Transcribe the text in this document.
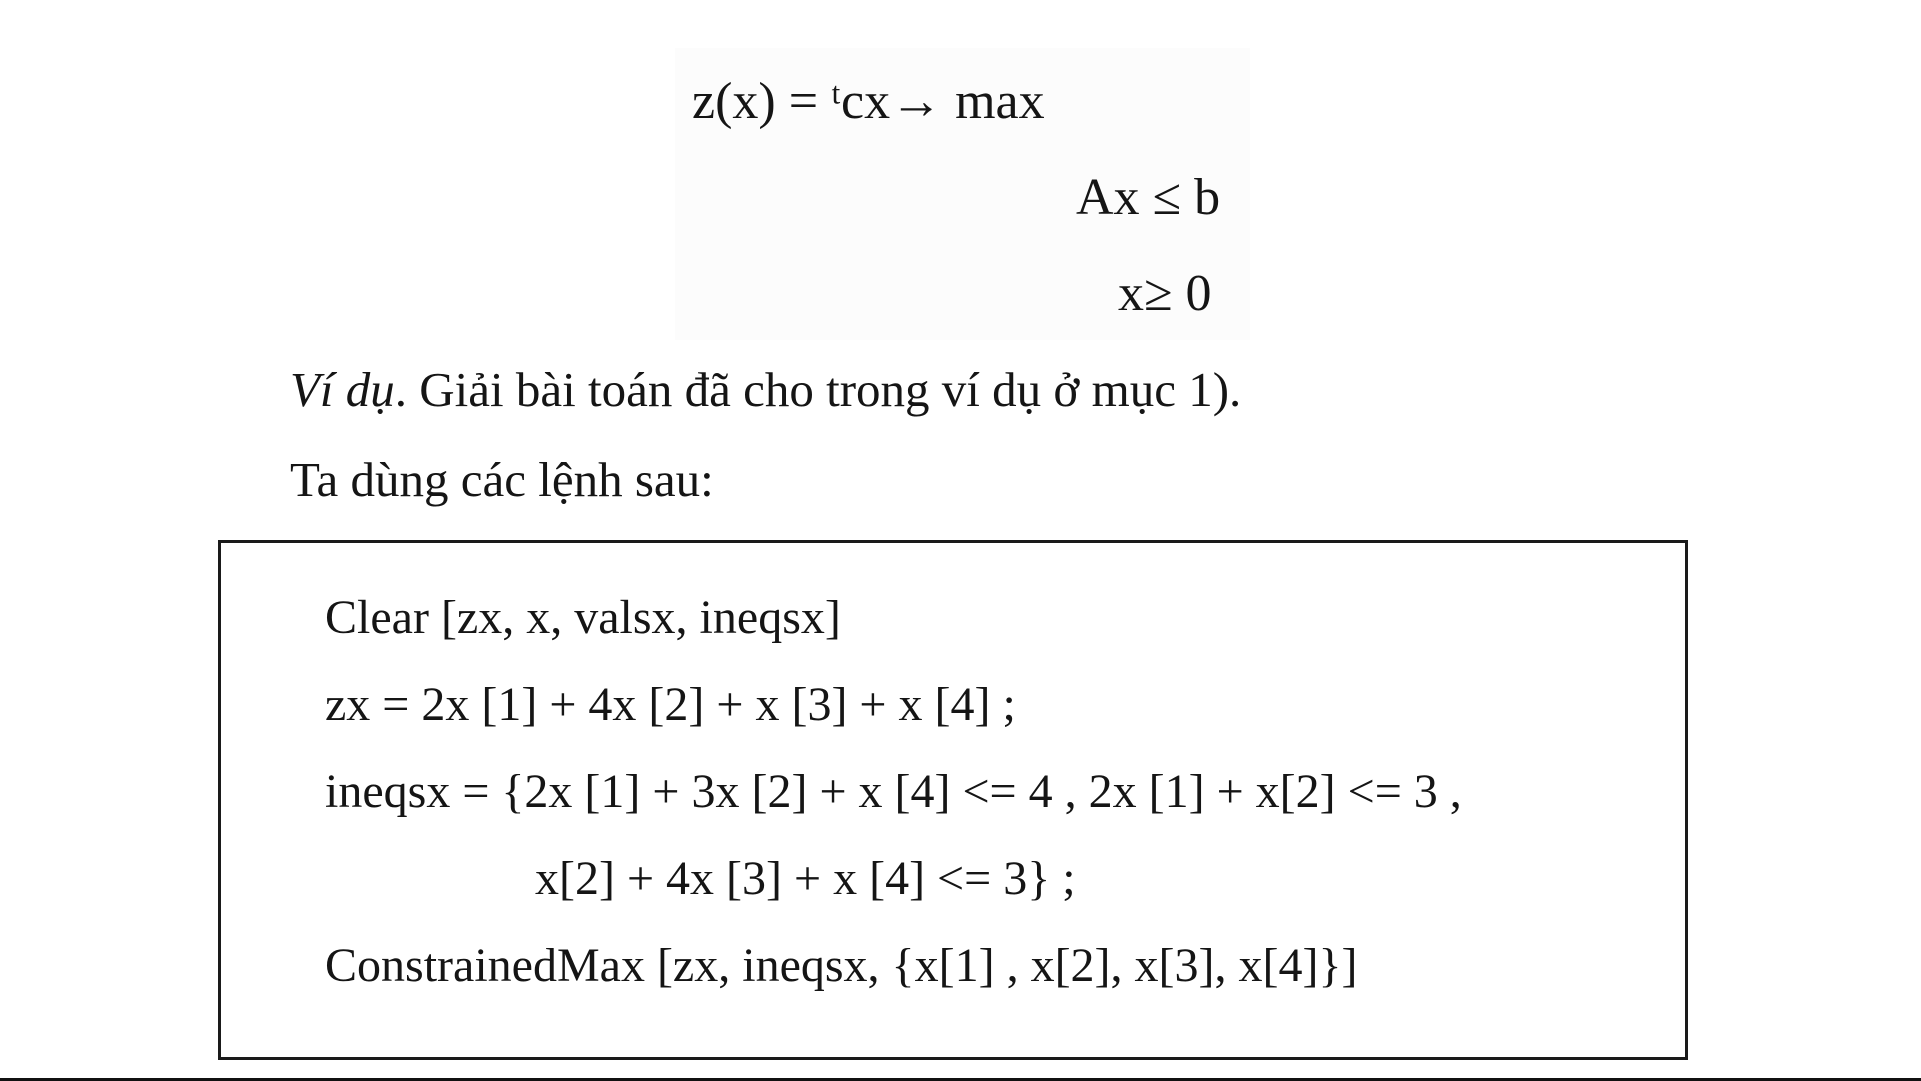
z(x) = ᵗcx→ max
Ax ≤ b
x≥ 0
Ví dụ. Giải bài toán đã cho trong ví dụ ở mục 1).
Ta dùng các lệnh sau:
Clear [zx, x, valsx, ineqsx]
zx = 2x [1] + 4x [2] + x [3] + x [4] ;
ineqsx = {2x [1] + 3x [2] + x [4] <= 4 , 2x [1] + x[2] <= 3 ,
x[2] + 4x [3] + x [4] <= 3} ;
ConstrainedMax [zx, ineqsx, {x[1] , x[2], x[3], x[4]}]
